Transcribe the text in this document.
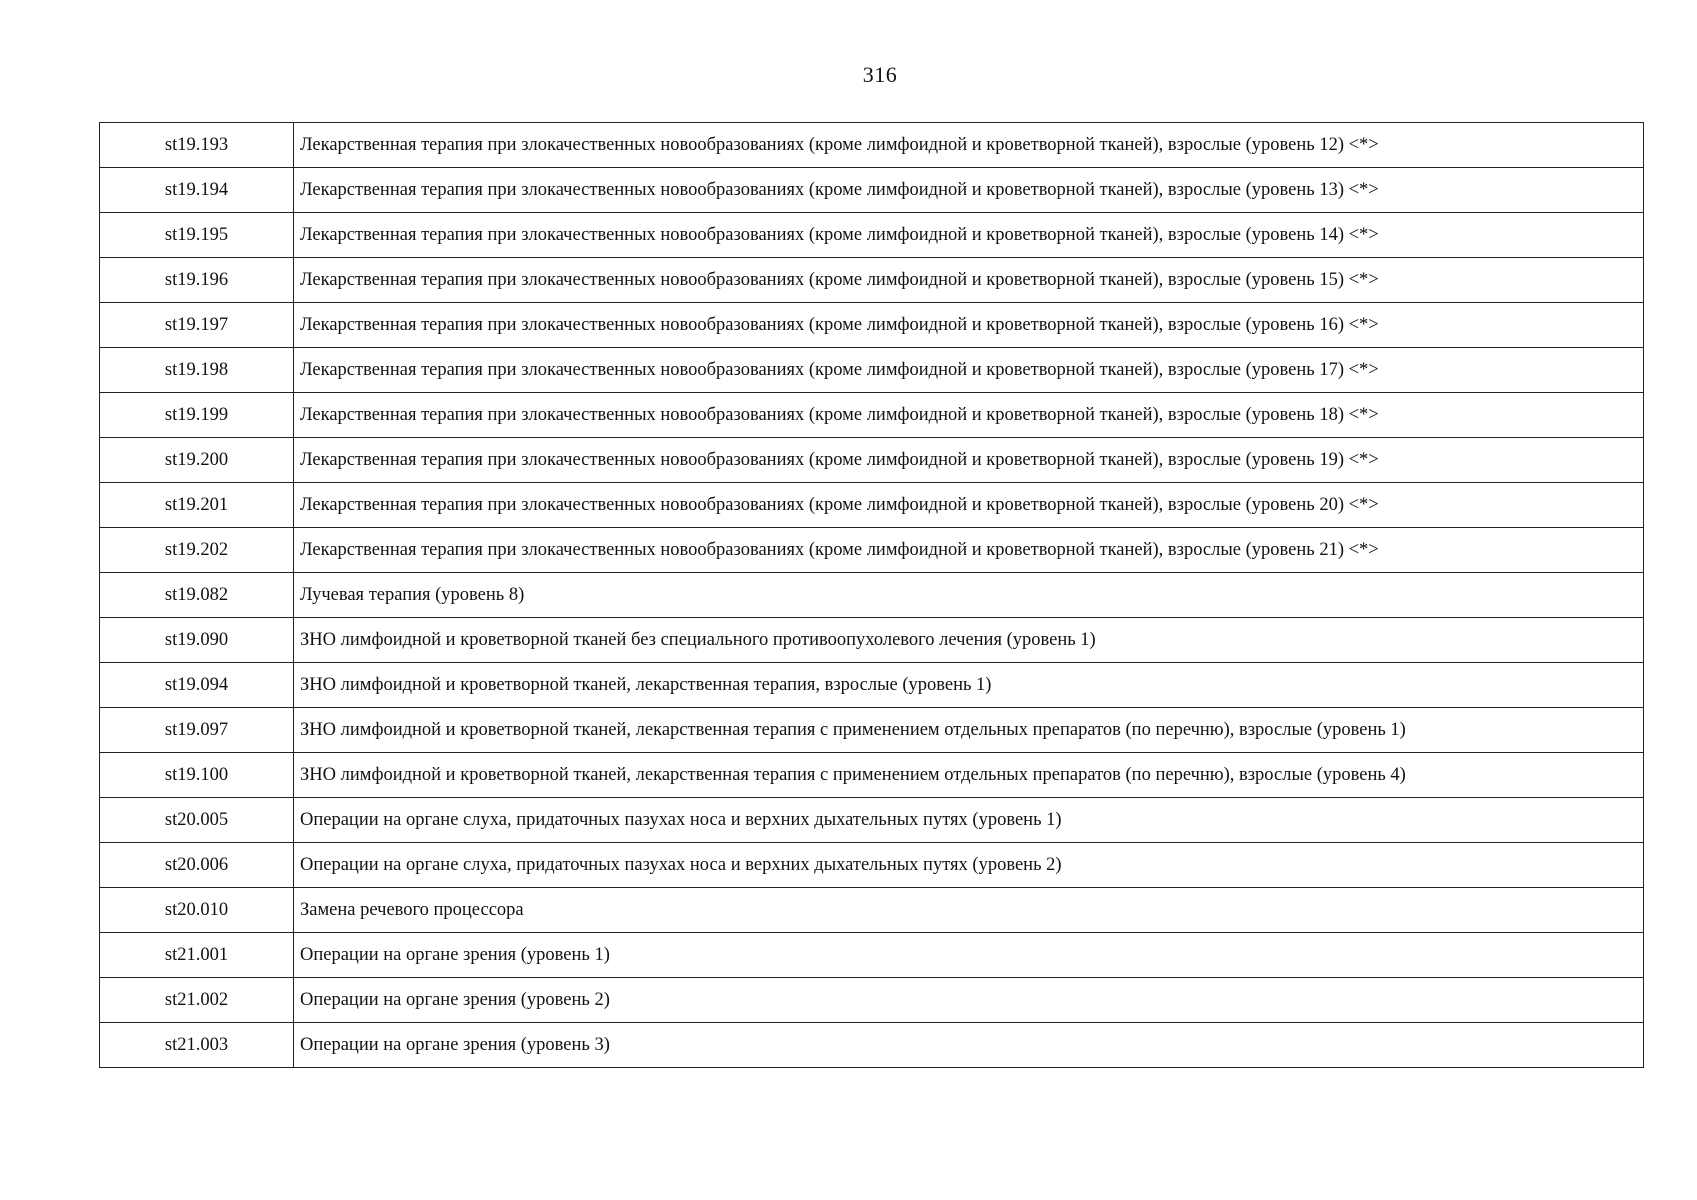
316
st19.193	Лекарственная терапия при злокачественных новообразованиях (кроме лимфоидной и кроветворной тканей), взрослые (уровень 12) <*>
st19.194	Лекарственная терапия при злокачественных новообразованиях (кроме лимфоидной и кроветворной тканей), взрослые (уровень 13) <*>
st19.195	Лекарственная терапия при злокачественных новообразованиях (кроме лимфоидной и кроветворной тканей), взрослые (уровень 14) <*>
st19.196	Лекарственная терапия при злокачественных новообразованиях (кроме лимфоидной и кроветворной тканей), взрослые (уровень 15) <*>
st19.197	Лекарственная терапия при злокачественных новообразованиях (кроме лимфоидной и кроветворной тканей), взрослые (уровень 16) <*>
st19.198	Лекарственная терапия при злокачественных новообразованиях (кроме лимфоидной и кроветворной тканей), взрослые (уровень 17) <*>
st19.199	Лекарственная терапия при злокачественных новообразованиях (кроме лимфоидной и кроветворной тканей), взрослые (уровень 18) <*>
st19.200	Лекарственная терапия при злокачественных новообразованиях (кроме лимфоидной и кроветворной тканей), взрослые (уровень 19) <*>
st19.201	Лекарственная терапия при злокачественных новообразованиях (кроме лимфоидной и кроветворной тканей), взрослые (уровень 20) <*>
st19.202	Лекарственная терапия при злокачественных новообразованиях (кроме лимфоидной и кроветворной тканей), взрослые (уровень 21) <*>
st19.082	Лучевая терапия (уровень 8)
st19.090	ЗНО лимфоидной и кроветворной тканей без специального противоопухолевого лечения (уровень 1)
st19.094	ЗНО лимфоидной и кроветворной тканей, лекарственная терапия, взрослые (уровень 1)
st19.097	ЗНО лимфоидной и кроветворной тканей, лекарственная терапия с применением отдельных препаратов (по перечню), взрослые (уровень 1)
st19.100	ЗНО лимфоидной и кроветворной тканей, лекарственная терапия с применением отдельных препаратов (по перечню), взрослые (уровень 4)
st20.005	Операции на органе слуха, придаточных пазухах носа и верхних дыхательных путях (уровень 1)
st20.006	Операции на органе слуха, придаточных пазухах носа и верхних дыхательных путях (уровень 2)
st20.010	Замена речевого процессора
st21.001	Операции на органе зрения (уровень 1)
st21.002	Операции на органе зрения (уровень 2)
st21.003	Операции на органе зрения (уровень 3)
